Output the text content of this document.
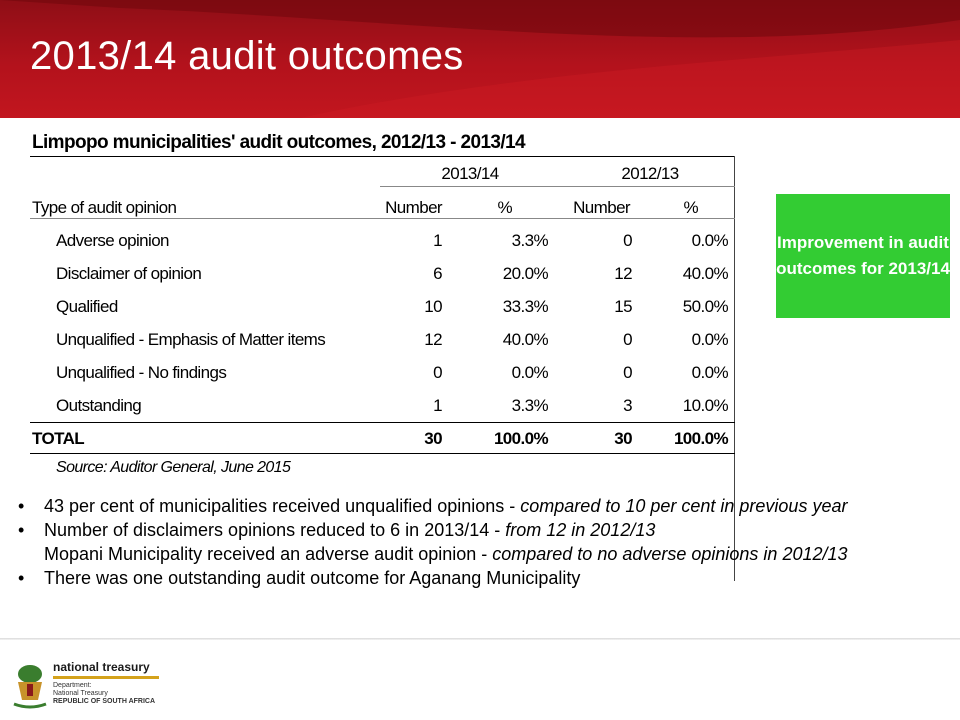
2013/14 audit outcomes
Limpopo municipalities' audit outcomes, 2012/13 - 2013/14
2013/14	2012/13
Type of audit opinion	Number	%	Number	%
Adverse opinion	1	3.3%	0	0.0%
Disclaimer of opinion	6	20.0%	12	40.0%
Qualified	10	33.3%	15	50.0%
Unqualified - Emphasis of Matter items	12	40.0%	0	0.0%
Unqualified - No findings	0	0.0%	0	0.0%
Outstanding	1	3.3%	3	10.0%
TOTAL	30	100.0%	30	100.0%
Source: Auditor General, June 2015
Improvement in audit outcomes for 2013/14
• 43 per cent of municipalities received unqualified opinions - compared to 10 per cent in previous year
• Number of disclaimers opinions reduced to 6 in 2013/14 - from 12 in 2012/13
Mopani Municipality received an adverse audit opinion - compared to no adverse opinions in 2012/13
• There was one outstanding audit outcome for Aganang Municipality
national treasury
Department:
National Treasury
REPUBLIC OF SOUTH AFRICA
